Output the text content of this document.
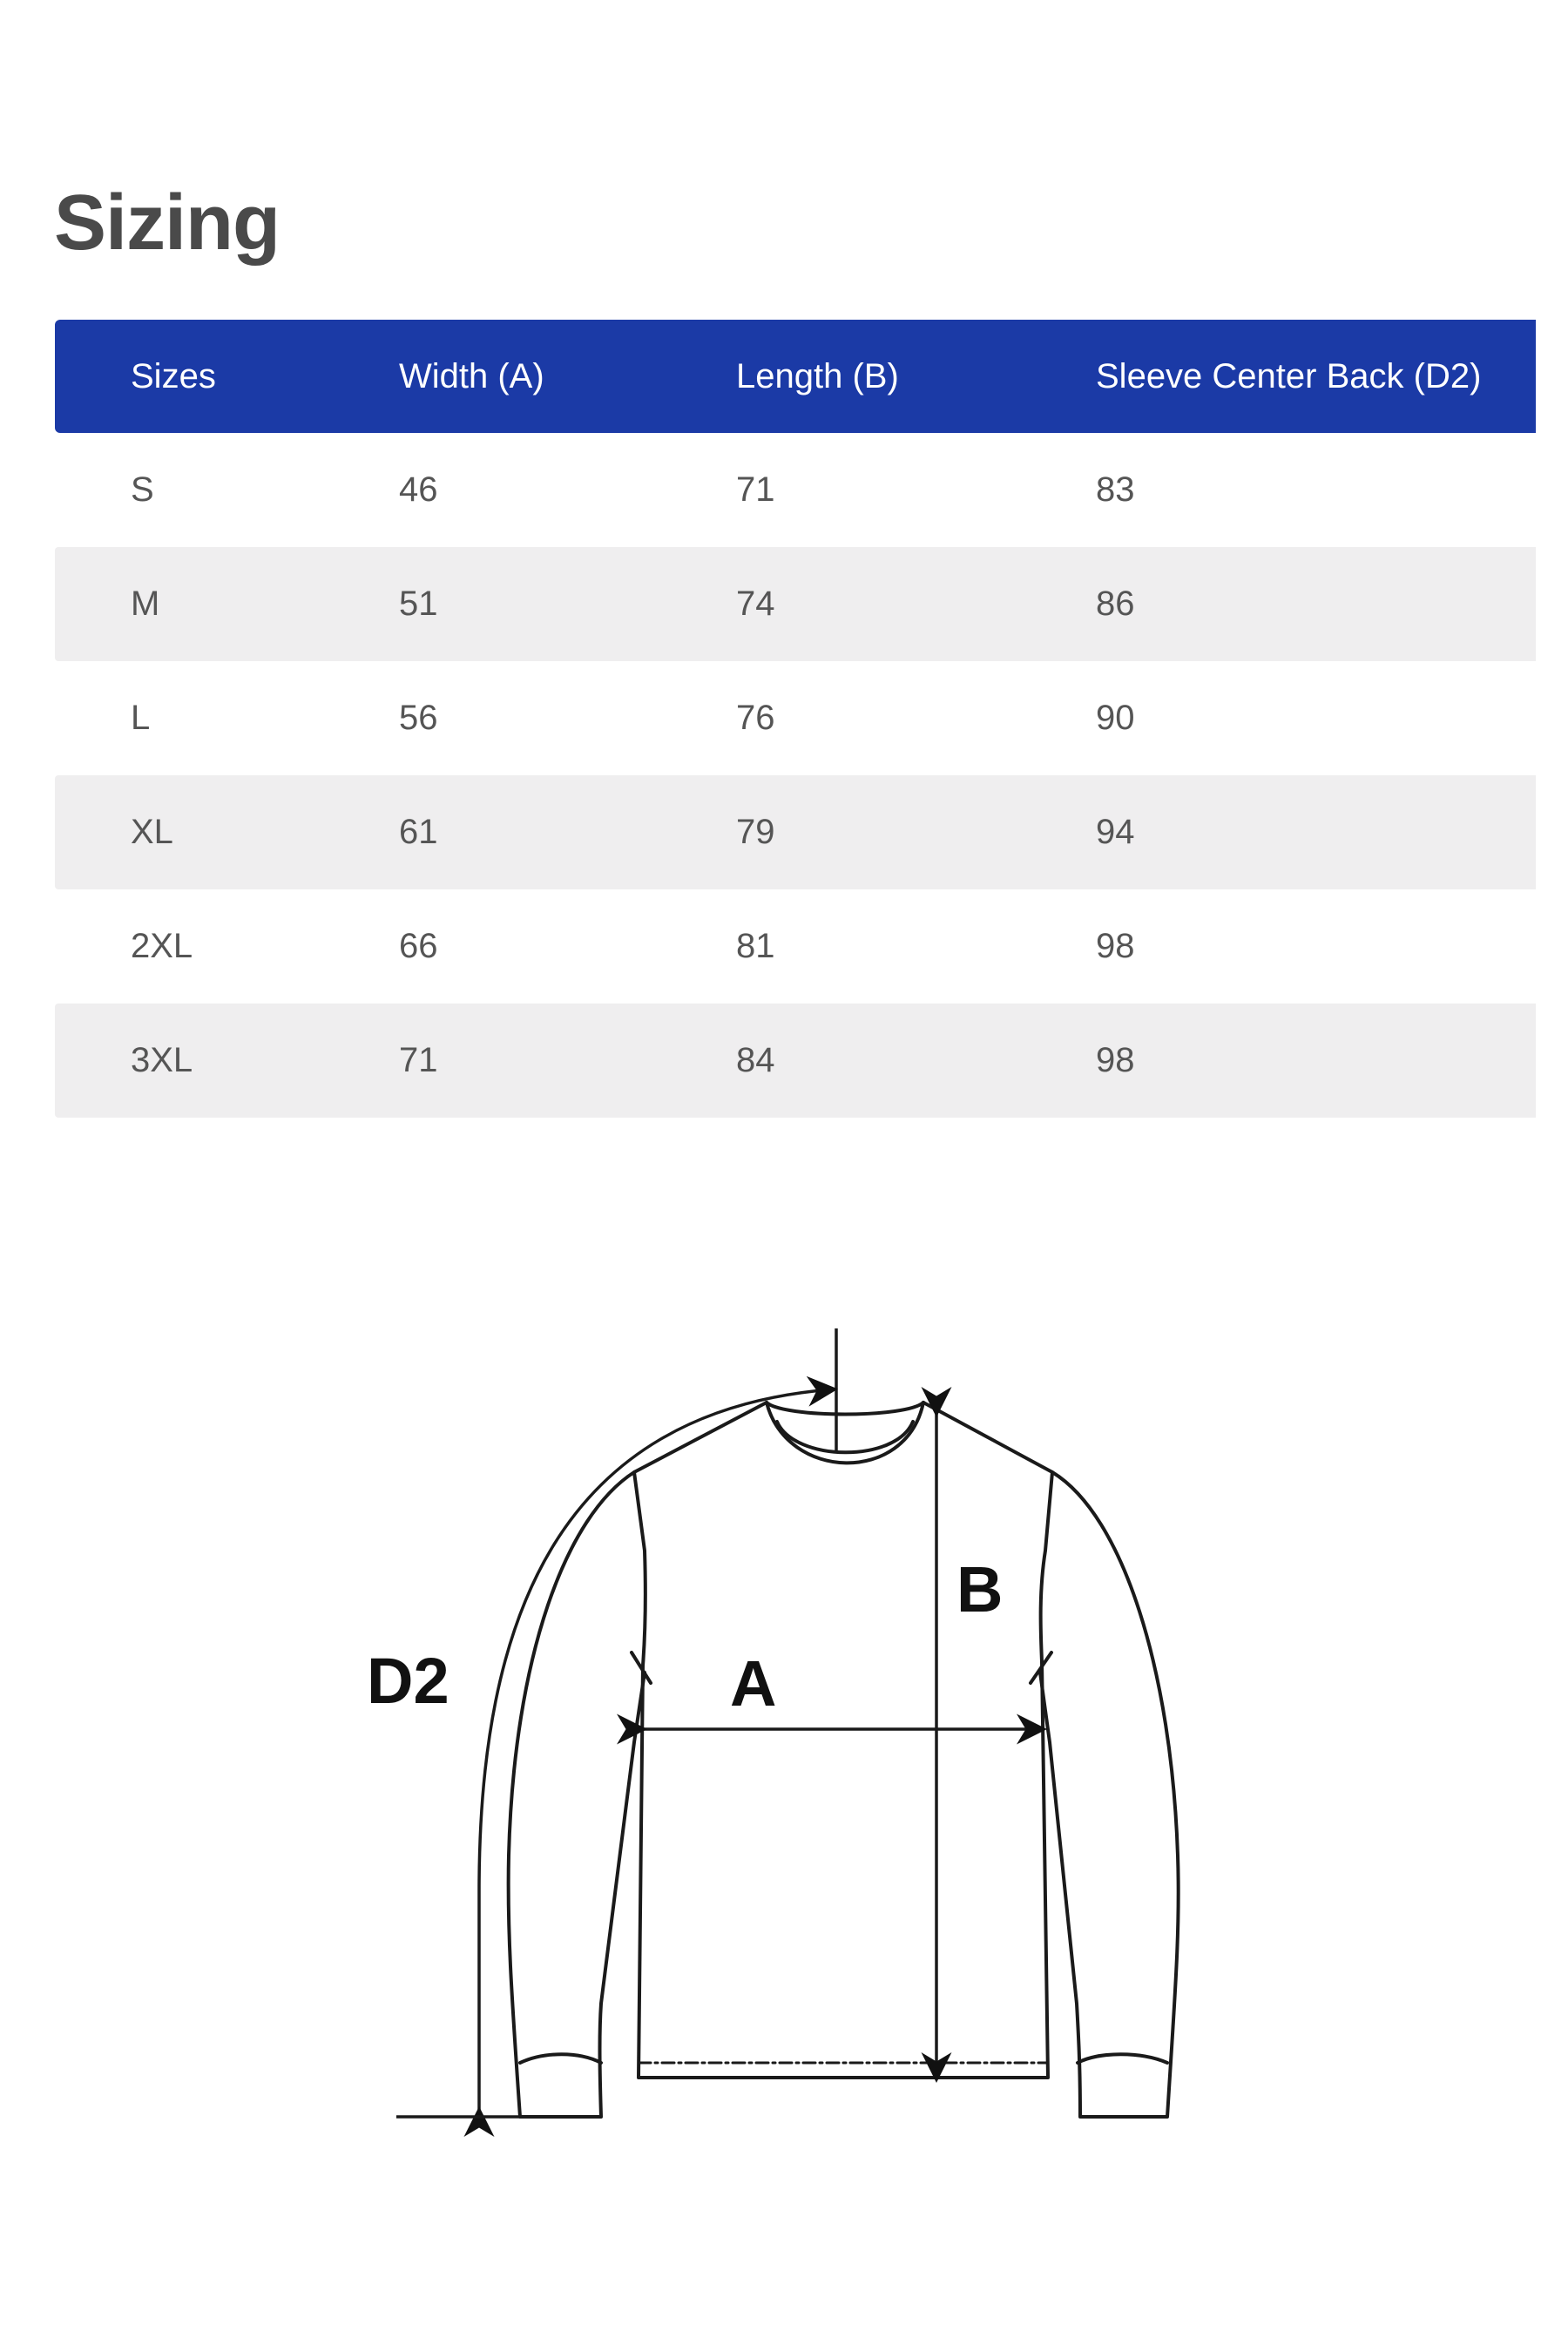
Sizing
Sizes	Width (A)	Length (B)	Sleeve Center Back (D2)
S	46	71	83
M	51	74	86
L	56	76	90
XL	61	79	94
2XL	66	81	98
3XL	71	84	98
A
B
D2
